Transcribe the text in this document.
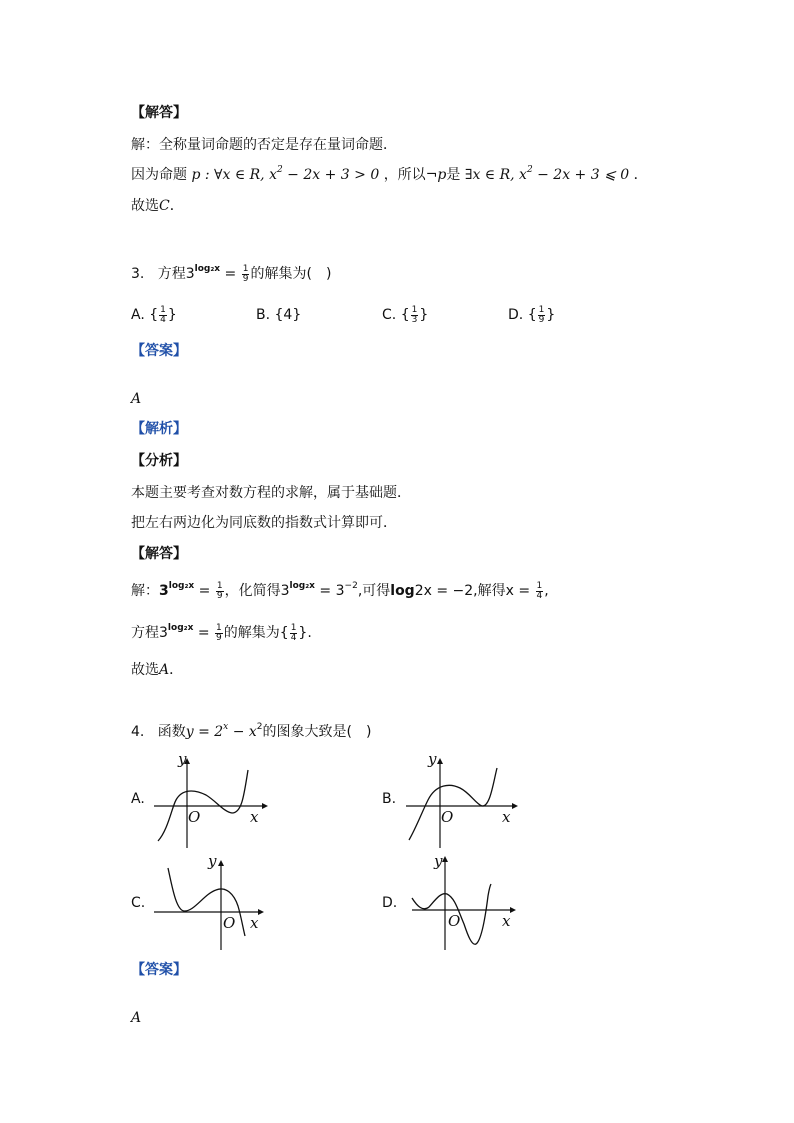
【解答】
解：全称量词命题的否定是存在量词命题．
因为命题 p : ∀x ∈ R, $x^2 - 2x + 3 > 0$ ，所以¬p是 ∃x ∈ R, $x^2 - 2x + 3$ ⩽ 0 ．
故选C．
3. 方程$3^{log_2x} = \frac{1}{9}$ 的解集为(　)
A. { $\frac{1}{4}$ }	B. {4}	C. { $\frac{1}{3}$ }	D. { $\frac{1}{9}$ }
【答案】
A
【解析】
【分析】
本题主要考查对数方程的求解，属于基础题．
把左右两边化为同底数的指数式计算即可．
【解答】
解：$3^{log_2x} = \frac{1}{9}$ ，化简得$3^{log_2x} = 3^{-2}$,可得log2x = −2,解得$x = \frac{1}{4}$ ,
方程$3^{log_2x} = \frac{1}{9}$ 的解集为{ $\frac{1}{4}$ }.
故选A．
4. 函数$y = 2^x - x^2$的图象大致是(　)
A.
y
x
O
B.
y
x
O
C.
y
x
O
D.
y
x
O
【答案】
A
